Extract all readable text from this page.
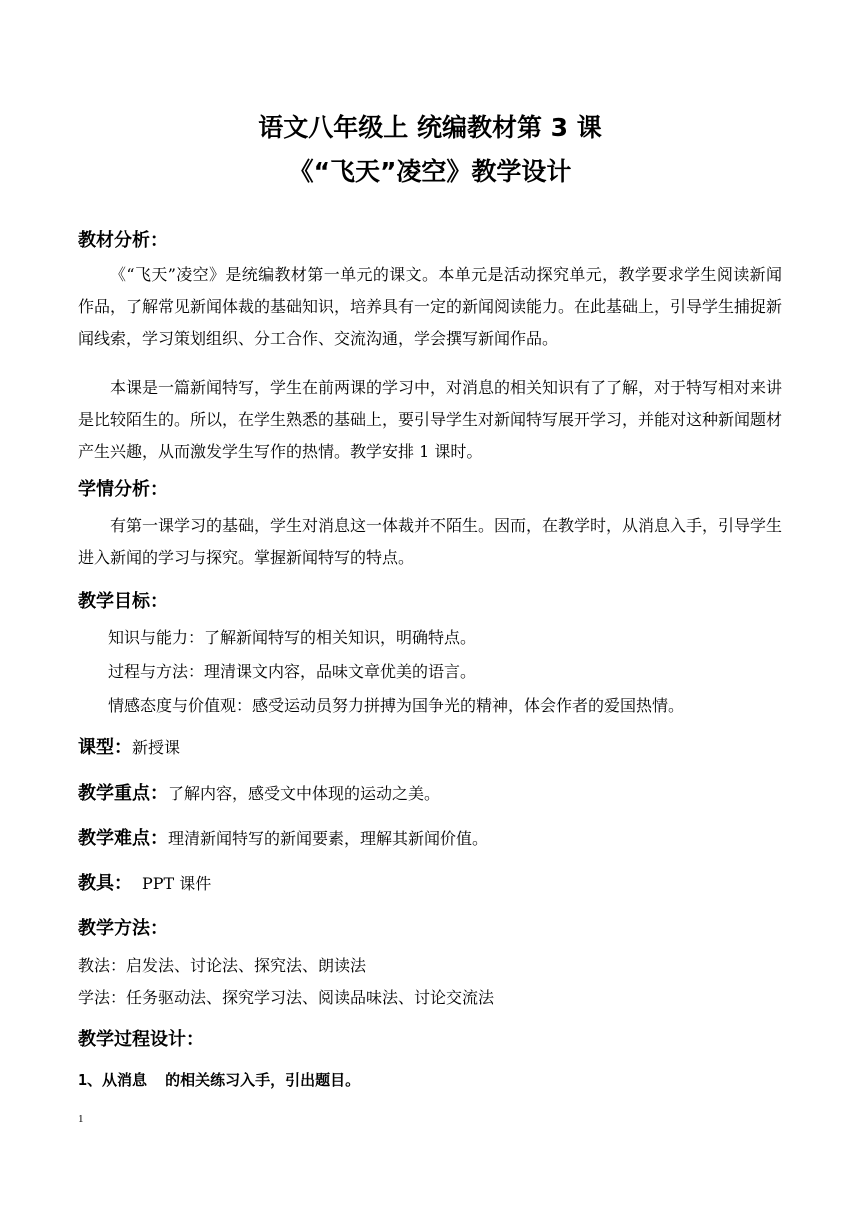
语文八年级上 统编教材第 3 课
《“飞天”凌空》教学设计
教材分析：
《“飞天”凌空》是统编教材第一单元的课文。本单元是活动探究单元，教学要求学生阅读新闻作品，了解常见新闻体裁的基础知识，培养具有一定的新闻阅读能力。在此基础上，引导学生捕捉新闻线索，学习策划组织、分工合作、交流沟通，学会撰写新闻作品。
本课是一篇新闻特写，学生在前两课的学习中，对消息的相关知识有了了解，对于特写相对来讲是比较陌生的。所以，在学生熟悉的基础上，要引导学生对新闻特写展开学习，并能对这种新闻题材产生兴趣，从而激发学生写作的热情。教学安排 1 课时。
学情分析：
有第一课学习的基础，学生对消息这一体裁并不陌生。因而，在教学时，从消息入手，引导学生进入新闻的学习与探究。掌握新闻特写的特点。
教学目标：
知识与能力：了解新闻特写的相关知识，明确特点。
过程与方法：理清课文内容，品味文章优美的语言。
情感态度与价值观：感受运动员努力拼搏为国争光的精神，体会作者的爱国热情。
课型：新授课
教学重点：了解内容，感受文中体现的运动之美。
教学难点：理清新闻特写的新闻要素，理解其新闻价值。
教具： PPT 课件
教学方法：
教法：启发法、讨论法、探究法、朗读法
学法：任务驱动法、探究学习法、阅读品味法、讨论交流法
教学过程设计：
1、从消息  的相关练习入手，引出题目。
1
